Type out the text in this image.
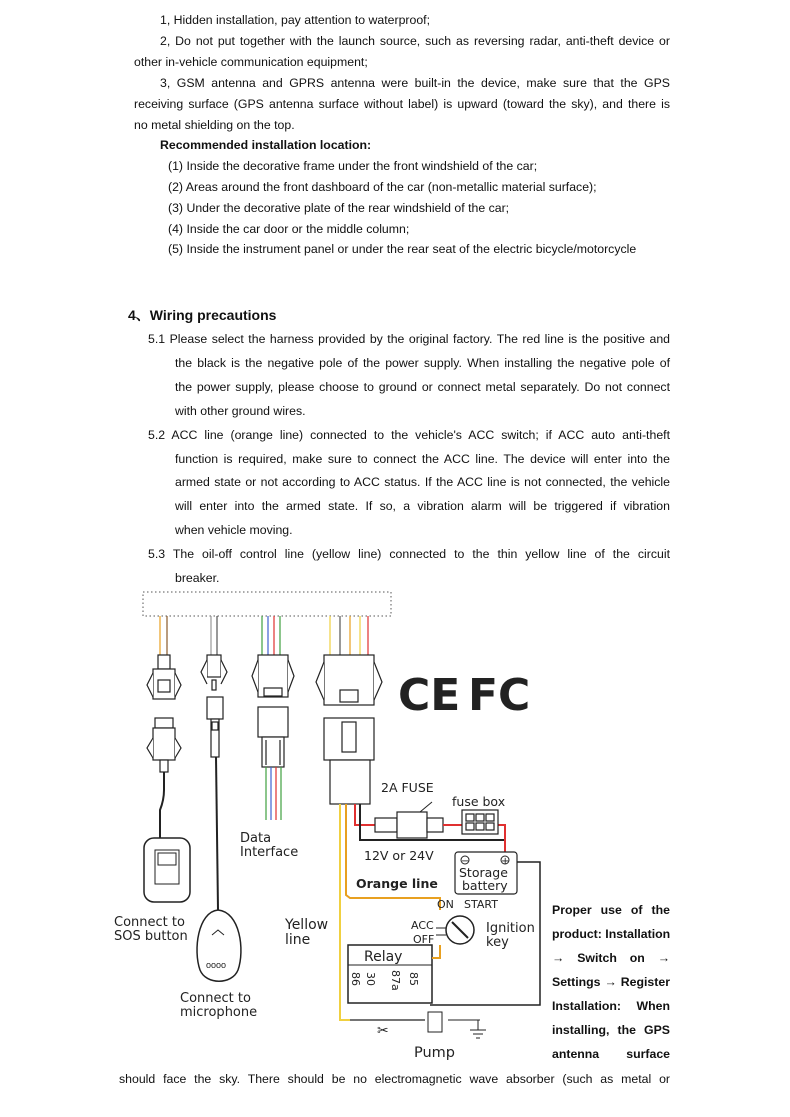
1, Hidden installation, pay attention to waterproof;
2, Do not put together with the launch source, such as reversing radar, anti-theft device or
other in-vehicle communication equipment;
3, GSM antenna and GPRS antenna were built-in the device, make sure that the GPS
receiving surface (GPS antenna surface without label) is upward (toward the sky), and there is
no metal shielding on the top.
Recommended installation location:
(1) Inside the decorative frame under the front windshield of the car;
(2) Areas around the front dashboard of the car (non-metallic material surface);
(3) Under the decorative plate of the rear windshield of the car;
(4) Inside the car door or the middle column;
(5) Inside the instrument panel or under the rear seat of the electric bicycle/motorcycle
4、Wiring precautions
5.1 Please select the harness provided by the original factory. The red line is the positive and
the black is the negative pole of the power supply. When installing the negative pole of
the power supply, please choose to ground or connect metal separately. Do not connect
with other ground wires.
5.2 ACC line (orange line) connected to the vehicle's ACC switch; if ACC auto anti-theft
function is required, make sure to connect the ACC line. The device will enter into the
armed state or not according to ACC status. If the ACC line is not connected, the vehicle
will enter into the armed state. If so, a vibration alarm will be triggered if vibration
when vehicle moving.
5.3 The oil-off control line (yellow line) connected to the thin yellow line of the circuit
breaker.
✂
oooo
CE FC
2A FUSE
fuse box
Data
Interface	12V or 24V	−	+
Storage
battery
Orange line
ON START
ACC
OFF
Ignition
key
Connect to
SOS button
Yellow
line
Relay
86 30 87a 85
Connect to
microphone
Pump
Proper use of the
product: Installation
→ Switch on →
Settings → Register
Installation: When
installing, the GPS
antenna surface
should face the sky. There should be no electromagnetic wave absorber (such as metal or
